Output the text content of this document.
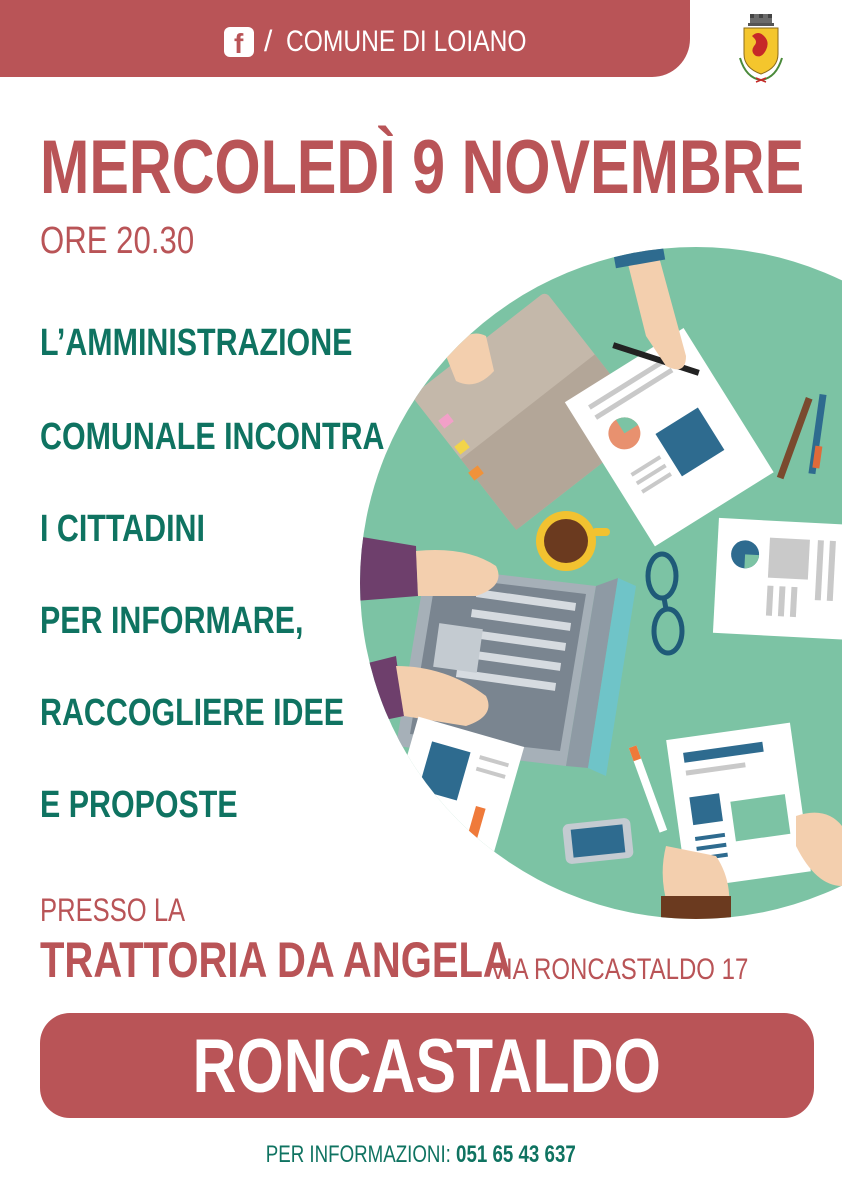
f / COMUNE DI LOIANO
MERCOLEDÌ 9 NOVEMBRE
ORE 20.30
L’AMMINISTRAZIONE
COMUNALE INCONTRA
I CITTADINI
PER INFORMARE,
RACCOGLIERE IDEE
E PROPOSTE
PRESSO LA
TRATTORIA DA ANGELA
VIA RONCASTALDO 17
RONCASTALDO
PER INFORMAZIONI: 051 65 43 637
